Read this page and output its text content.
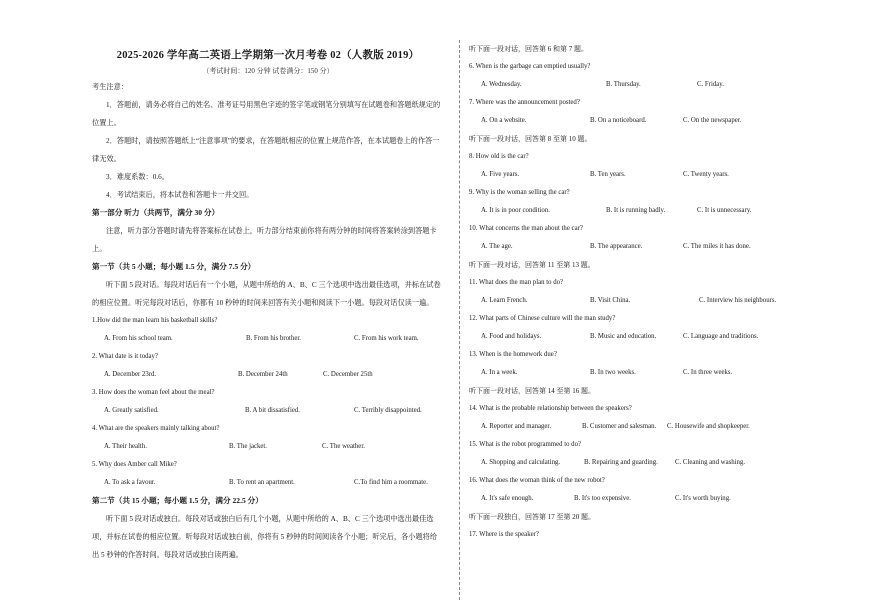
2025-2026 学年高二英语上学期第一次月考卷 02（人教版 2019）
（考试时间：120 分钟 试卷满分：150 分）
考生注意：
1．答题前，请务必将自己的姓名、准考证号用黑色字迹的签字笔或钢笔分别填写在试题卷和答题纸规定的位置上。
2．答题时，请按照答题纸上“注意事项”的要求，在答题纸相应的位置上规范作答，在本试题卷上的作答一律无效。
3．难度系数：0.6。
4．考试结束后，将本试卷和答题卡一并交回。
第一部分 听力（共两节，满分 30 分）
注意，听力部分答题时请先将答案标在试卷上，听力部分结束前你将有两分钟的时间将答案转涂到答题卡上。
第一节（共 5 小题；每小题 1.5 分，满分 7.5 分）
听下面 5 段对话。每段对话后有一个小题，从题中所给的 A、B、C 三个选项中选出最佳选项，并标在试卷的相应位置。听完每段对话后，你都有 10 秒钟的时间来回答有关小题和阅读下一小题。每段对话仅读一遍。
1.How did the man learn his basketball skills?
A. From his school team.	B. From his brother.	C. From his work team.
2. What date is it today?
A. December 23rd.	B. December 24th	C. December 25th
3. How does the woman feel about the meal?
A. Greatly satisfied.	B. A bit dissatisfied.	C. Terribly disappointed.
4. What are the speakers mainly talking about?
A. Their health.	B. The jacket.	C. The weather.
5. Why does Amber call Mike?
A. To ask a favour.	B. To rent an apartment.	C.To find him a roommate.
第二节（共 15 小题；每小题 1.5 分，满分 22.5 分）
听下面 5 段对话或独白。每段对话或独白后有几个小题，从题中所给的 A、B、C 三个选项中选出最佳选项，并标在试卷的相应位置。听每段对话或独白前，你将有 5 秒钟的时间阅读各个小题；听完后，各小题将给出 5 秒钟的作答时间。每段对话或独白读两遍。
听下面一段对话，回答第 6 和第 7 题。
6. When is the garbage can emptied usually?
A. Wednesday.	B. Thursday.	C. Friday.
7. Where was the announcement posted?
A. On a website.	B. On a noticeboard.	C. On the newspaper.
听下面一段对话，回答第 8 至第 10 题。
8. How old is the car?
A. Five years.	B. Ten years.	C. Twenty years.
9. Why is the woman selling the car?
A. It is in poor condition.	B. It is running badly.	C. It is unnecessary.
10. What concerns the man about the car?
A. The age.	B. The appearance.	C. The miles it has done.
听下面一段对话，回答第 11 至第 13 题。
11. What does the man plan to do?
A. Learn French.	B. Visit China.	C. Interview his neighbours.
12. What parts of Chinese culture will the man study?
A. Food and holidays.	B. Music and education.	C. Language and traditions.
13. When is the homework due?
A. In a week.	B. In two weeks.	C. In three weeks.
听下面一段对话，回答第 14 至第 16 题。
14. What is the probable relationship between the speakers?
A. Reporter and manager.	B. Customer and salesman. C. Housewife and shopkeeper.
15. What is the robot programmed to do?
A. Shopping and calculating.	B. Repairing and guarding.	C. Cleaning and washing.
16. What does the woman think of the new robot?
A. It's safe enough.	B. It's too expensive.	C. It's worth buying.
听下面一段独白，回答第 17 至第 20 题。
17. Where is the speaker?
